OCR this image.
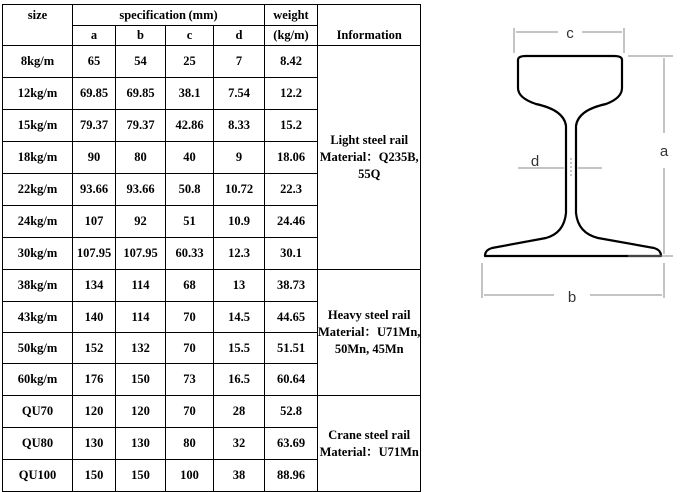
size	specification (mm)				weight	Information
	a	b	c	d	(kg/m)	
8kg/m	65	54	25	7	8.42	Light steel rail
Material：Q235B,
55Q

12kg/m	69.85	69.85	38.1	7.54	12.2	
15kg/m	79.37	79.37	42.86	8.33	15.2	
18kg/m	90	80	40	9	18.06	
22kg/m	93.66	93.66	50.8	10.72	22.3	
24kg/m	107	92	51	10.9	24.46	
30kg/m	107.95	107.95	60.33	12.3	30.1	
38kg/m	134	114	68	13	38.73	Heavy steel rail
Material：U71Mn,
50Mn, 45Mn

43kg/m	140	114	70	14.5	44.65	
50kg/m	152	132	70	15.5	51.51	
60kg/m	176	150	73	16.5	60.64	
QU70	120	120	70	28	52.8	Crane steel rail
Material：U71Mn

QU80	130	130	80	32	63.69	
QU100	150	150	100	38	88.96	
c
a
d
b
